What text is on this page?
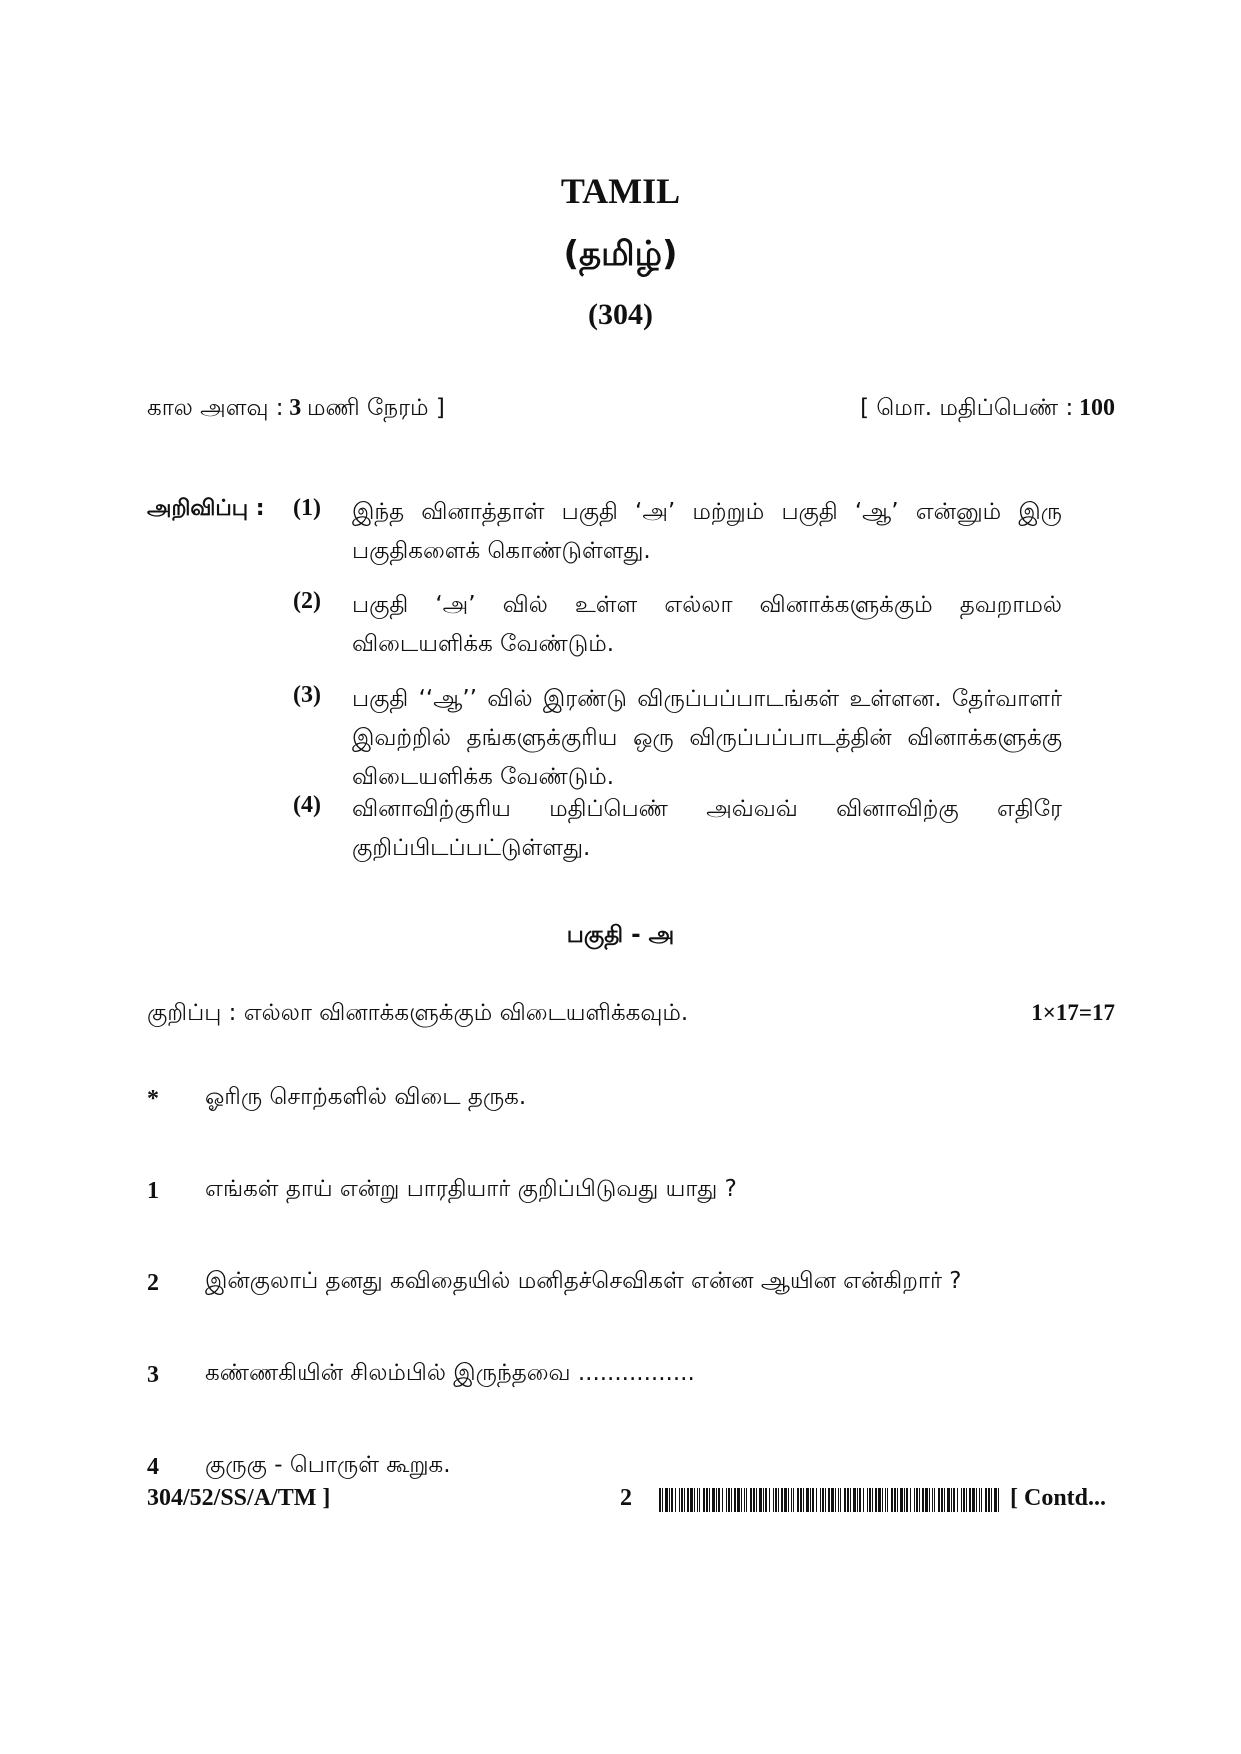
TAMIL
(தமிழ்)
(304)
கால அளவு : 3 மணி நேரம் ]	[ மொ. மதிப்பெண் : 100
அறிவிப்பு : (1) இந்த வினாத்தாள் பகுதி ‘அ’ மற்றும் பகுதி ‘ஆ’ என்னும் இரு பகுதிகளைக் கொண்டுள்ளது.
(2) பகுதி ‘அ’ வில் உள்ள எல்லா வினாக்களுக்கும் தவறாமல் விடையளிக்க வேண்டும்.
(3) பகுதி ‘‘ஆ’’ வில் இரண்டு விருப்பப்பாடங்கள் உள்ளன. தேர்வாளர் இவற்றில் தங்களுக்குரிய ஒரு விருப்பப்பாடத்தின் வினாக்களுக்கு விடையளிக்க வேண்டும்.
(4) வினாவிற்குரிய மதிப்பெண் அவ்வவ் வினாவிற்கு எதிரே குறிப்பிடப்பட்டுள்ளது.
பகுதி - அ
குறிப்பு : எல்லா வினாக்களுக்கும் விடையளிக்கவும்.	1×17=17
* ஓரிரு சொற்களில் விடை தருக.
1 எங்கள் தாய் என்று பாரதியார் குறிப்பிடுவது யாது ?
2 இன்குலாப் தனது கவிதையில் மனிதச்செவிகள் என்ன ஆயின என்கிறார் ?
3 கண்ணகியின் சிலம்பில் இருந்தவை ................
4 குருகு - பொருள் கூறுக.
304/52/SS/A/TM ]	2	[ Contd...
